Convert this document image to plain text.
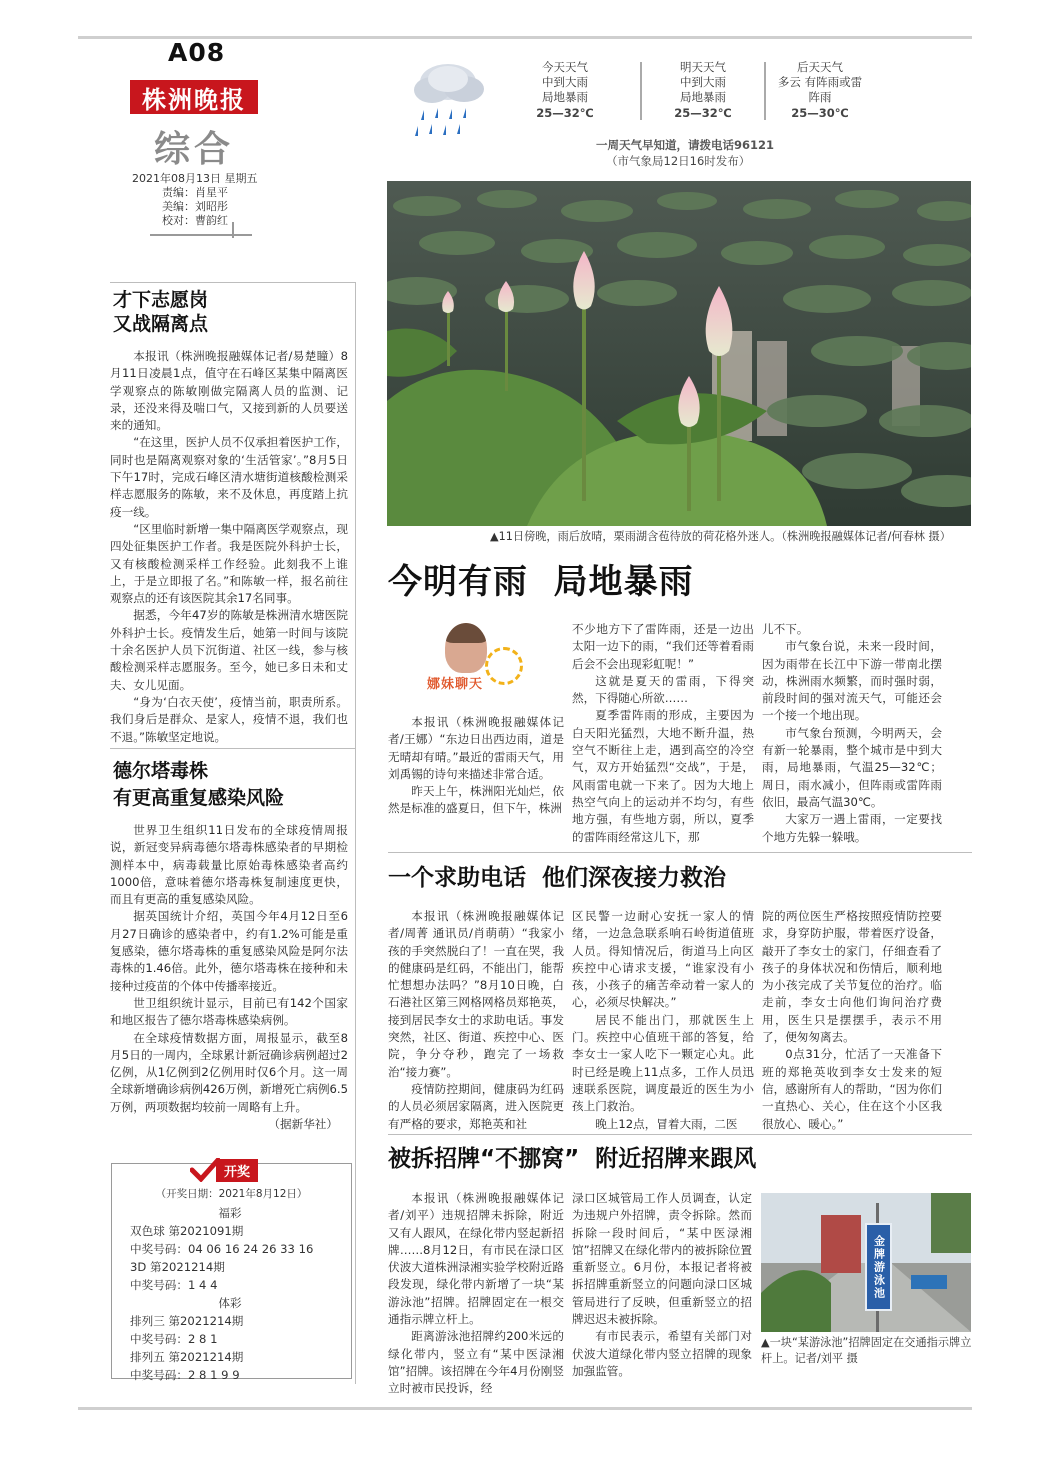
A08
株洲晚报
综合
2021年08月13日 星期五
责编：肖星平
美编：刘昭彤
校对：曹韵红
今天天气
中到大雨
局地暴雨
25—32℃
明天天气
中到大雨
局地暴雨
25—32℃
后天天气
多云 有阵雨或雷
阵雨
25—30℃
一周天气早知道，请拨电话96121
（市气象局12日16时发布）
才下志愿岗
又战隔离点

本报讯（株洲晚报融媒体记者/易楚瞳）8月11日凌晨1点，值守在石峰区某集中隔离医学观察点的陈敏刚做完隔离人员的监测、记录，还没来得及喘口气，又接到新的人员要送来的通知。

“在这里，医护人员不仅承担着医护工作，同时也是隔离观察对象的‘生活管家’。”8月5日下午17时，完成石峰区清水塘街道核酸检测采样志愿服务的陈敏，来不及休息，再度踏上抗疫一线。

“区里临时新增一集中隔离医学观察点，现四处征集医护工作者。我是医院外科护士长，又有核酸检测采样工作经验。此刻我不上谁上，于是立即报了名。”和陈敏一样，报名前往观察点的还有该医院其余17名同事。

据悉，今年47岁的陈敏是株洲清水塘医院外科护士长。疫情发生后，她第一时间与该院十余名医护人员下沉街道、社区一线，参与核酸检测采样志愿服务。至今，她已多日未和丈夫、女儿见面。

“身为‘白衣天使’，疫情当前，职责所系。我们身后是群众、是家人，疫情不退，我们也不退。”陈敏坚定地说。

德尔塔毒株
有更高重复感染风险

世界卫生组织11日发布的全球疫情周报说，新冠变异病毒德尔塔毒株感染者的早期检测样本中，病毒载量比原始毒株感染者高约1000倍，意味着德尔塔毒株复制速度更快，而且有更高的重复感染风险。

据英国统计介绍，英国今年4月12日至6月27日确诊的感染者中，约有1.2%可能是重复感染，德尔塔毒株的重复感染风险是阿尔法毒株的1.46倍。此外，德尔塔毒株在接种和未接种过疫苗的个体中传播率接近。

世卫组织统计显示，目前已有142个国家和地区报告了德尔塔毒株感染病例。

在全球疫情数据方面，周报显示，截至8月5日的一周内，全球累计新冠确诊病例超过2亿例，从1亿例到2亿例用时仅6个月。这一周全球新增确诊病例426万例，新增死亡病例6.5万例，两项数据均较前一周略有上升。

（据新华社）
开奖
（开奖日期：2021年8月12日）
福彩
双色球 第2021091期
中奖号码：04 06 16 24 26 33 16
3D 第2021214期
中奖号码：1 4 4
体彩
排列三 第2021214期
中奖号码：2 8 1
排列五 第2021214期
中奖号码：2 8 1 9 9
▲11日傍晚，雨后放晴，栗雨湖含苞待放的荷花格外迷人。（株洲晚报融媒体记者/何春林 摄）
今明有雨  局地暴雨
娜妹聊天

本报讯（株洲晚报融媒体记者/王娜）“东边日出西边雨，道是无晴却有晴。”最近的雷雨天气，用刘禹锡的诗句来描述非常合适。

昨天上午，株洲阳光灿烂，依然是标准的盛夏日，但下午，株洲

不少地方下了雷阵雨，还是一边出太阳一边下的雨，“我们还等着看雨后会不会出现彩虹呢！”

这就是夏天的雷雨，下得突然，下得随心所欲……

夏季雷阵雨的形成，主要因为白天阳光猛烈，大地不断升温，热空气不断往上走，遇到高空的冷空气，双方开始猛烈“交战”，于是，风雨雷电就一下来了。因为大地上热空气向上的运动并不均匀，有些地方强，有些地方弱，所以，夏季的雷阵雨经常这儿下，那

儿不下。

市气象台说，未来一段时间，因为雨带在长江中下游一带南北摆动，株洲雨水频繁，而时强时弱，前段时间的强对流天气，可能还会一个接一个地出现。

市气象台预测，今明两天，会有新一轮暴雨，整个城市是中到大雨，局地暴雨，气温25—32℃；周日，雨水减小，但阵雨或雷阵雨依旧，最高气温30℃。

大家万一遇上雷雨，一定要找个地方先躲一躲哦。

一个求助电话  他们深夜接力救治

本报讯（株洲晚报融媒体记者/周菁 通讯员/肖萌萌）“我家小孩的手突然脱臼了！一直在哭，我的健康码是红码，不能出门，能帮忙想想办法吗？”8月10日晚，白石港社区第三网格网格员郑艳英，接到居民李女士的求助电话。事发突然，社区、街道、疾控中心、医院，争分夺秒，跑完了一场救治“接力赛”。

疫情防控期间，健康码为红码的人员必须居家隔离，进入医院更有严格的要求，郑艳英和社

区民警一边耐心安抚一家人的情绪，一边急急联系响石岭街道值班人员。得知情况后，街道马上向区疾控中心请求支援，“谁家没有小孩，小孩子的痛苦牵动着一家人的心，必须尽快解决。”

居民不能出门，那就医生上门。疾控中心值班干部的答复，给李女士一家人吃下一颗定心丸。此时已经是晚上11点多，工作人员迅速联系医院，调度最近的医生为小孩上门救治。

晚上12点，冒着大雨，二医

院的两位医生严格按照疫情防控要求，身穿防护服，带着医疗设备，敲开了李女士的家门，仔细查看了孩子的身体状况和伤情后，顺利地为小孩完成了关节复位的治疗。临走前，李女士向他们询问治疗费用，医生只是摆摆手，表示不用了，便匆匆离去。

0点31分，忙活了一天准备下班的郑艳英收到李女士发来的短信，感谢所有人的帮助，“因为你们一直热心、关心，住在这个小区我很放心、暖心。”

被拆招牌“不挪窝”  附近招牌来跟风

本报讯（株洲晚报融媒体记者/刘平）违规招牌未拆除，附近又有人跟风，在绿化带内竖起新招牌……8月12日，有市民在渌口区伏波大道株洲渌湘实验学校附近路段发现，绿化带内新增了一块“某游泳池”招牌。招牌固定在一根交通指示牌立杆上。

距离游泳池招牌约200米远的绿化带内，竖立有“某中医渌湘馆”招牌。该招牌在今年4月份刚竖立时被市民投诉，经

渌口区城管局工作人员调查，认定为违规户外招牌，责令拆除。然而拆除一段时间后，“某中医渌湘馆”招牌又在绿化带内的被拆除位置重新竖立。6月份，本报记者将被拆招牌重新竖立的问题向渌口区城管局进行了反映，但重新竖立的招牌迟迟未被拆除。

有市民表示，希望有关部门对伏波大道绿化带内竖立招牌的现象加强监管。

金牌游泳池
▲一块“某游泳池”招牌固定在交通指示牌立杆上。记者/刘平 摄
